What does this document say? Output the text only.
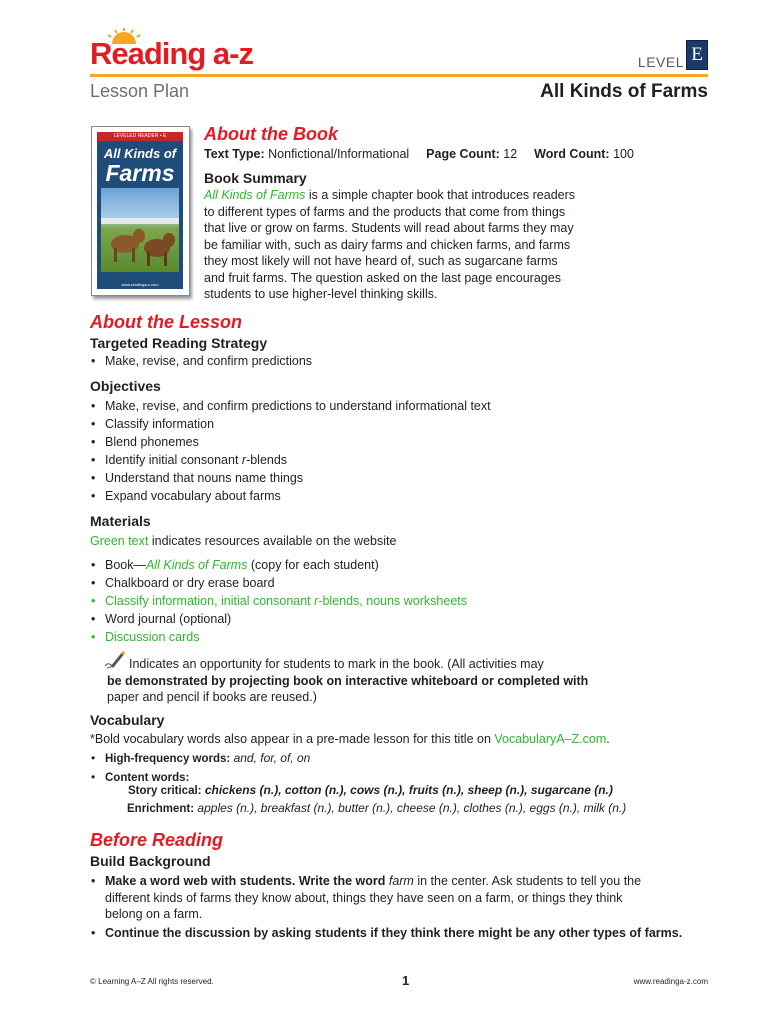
Reading a-z	LEVEL E
Lesson Plan	All Kinds of Farms
LEVELED READER • E
All Kinds of
Farms
www.readinga-z.com
About the Book
Text Type: Nonfictional/Informational Page Count: 12 Word Count: 100
Book Summary
All Kinds of Farms is a simple chapter book that introduces readers
to different types of farms and the products that come from things
that live or grow on farms. Students will read about farms they may
be familiar with, such as dairy farms and chicken farms, and farms
they most likely will not have heard of, such as sugarcane farms
and fruit farms. The question asked on the last page encourages
students to use higher-level thinking skills.
About the Lesson
Targeted Reading Strategy
• Make, revise, and confirm predictions
Objectives
• Make, revise, and confirm predictions to understand informational text
• Classify information
• Blend phonemes
• Identify initial consonant r-blends
• Understand that nouns name things
• Expand vocabulary about farms
Materials
Green text indicates resources available on the website
• Book—All Kinds of Farms (copy for each student)
• Chalkboard or dry erase board
• Classify information, initial consonant r-blends, nouns worksheets
• Word journal (optional)
• Discussion cards
Indicates an opportunity for students to mark in the book. (All activities may
be demonstrated by projecting book on interactive whiteboard or completed with
paper and pencil if books are reused.)
Vocabulary
*Bold vocabulary words also appear in a pre-made lesson for this title on VocabularyA–Z.com.
• High-frequency words: and, for, of, on
• Content words:
Story critical: chickens (n.), cotton (n.), cows (n.), fruits (n.), sheep (n.), sugarcane (n.)
Enrichment: apples (n.), breakfast (n.), butter (n.), cheese (n.), clothes (n.), eggs (n.), milk (n.)
Before Reading
Build Background
• Make a word web with students. Write the word farm in the center. Ask students to tell you the
different kinds of farms they know about, things they have seen on a farm, or things they think
belong on a farm.
• Continue the discussion by asking students if they think there might be any other types of farms.
© Learning A–Z All rights reserved.	1	www.readinga-z.com
